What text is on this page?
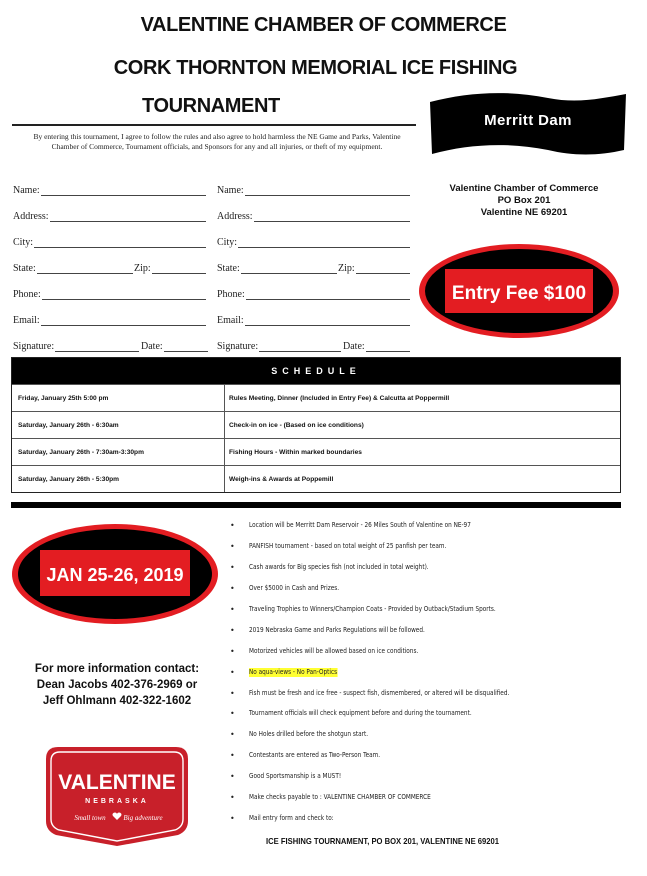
VALENTINE CHAMBER OF COMMERCE
CORK THORNTON MEMORIAL ICE FISHING
TOURNAMENT
Merritt Dam
By entering this tournament, I agree to follow the rules and also agree to hold harmless the NE Game and Parks, Valentine Chamber of Commerce, Tournament officials, and Sponsors for any and all injuries, or theft of my equipment.
Name:
Address:
City:
State:	Zip:
Phone:
Email:
Signature:	Date:
Name:
Address:
City:
State:	Zip:
Phone:
Email:
Signature:	Date:
Valentine Chamber of Commerce
PO Box 201
Valentine NE 69201
Entry Fee $100
SCHEDULE
Friday, January 25th 5:00 pm	Rules Meeting, Dinner (Included in Entry Fee) & Calcutta at Poppermill
Saturday, January 26th - 6:30am	Check-in on ice - (Based on ice conditions)
Saturday, January 26th - 7:30am-3:30pm	Fishing Hours - Within marked boundaries
Saturday, January 26th - 5:30pm	Weigh-ins & Awards at Poppemill
JAN 25-26, 2019
•	Location will be Merritt Dam Reservoir - 26 Miles South of Valentine on NE-97
•	PANFISH tournament - based on total weight of 25 panfish per team.
•	Cash awards for Big species fish (not included in total weight).
•	Over $5000 in Cash and Prizes.
•	Traveling Trophies to Winners/Champion Coats - Provided by Outback/Stadium Sports.
•	2019 Nebraska Game and Parks Regulations will be followed.
•	Motorized vehicles will be allowed based on ice conditions.
•	No aqua-views - No Pan-Optics
•	Fish must be fresh and ice free - suspect fish, dismembered, or altered will be disqualified.
•	Tournament officials will check equipment before and during the tournament.
•	No Holes drilled before the shotgun start.
•	Contestants are entered as Two-Person Team.
•	Good Sportsmanship is a MUST!
•	Make checks payable to : VALENTINE CHAMBER OF COMMERCE
•	Mail entry form and check to:
ICE FISHING TOURNAMENT, PO BOX 201, VALENTINE NE 69201
For more information contact:
Dean Jacobs 402-376-2969 or
Jeff Ohlmann 402-322-1602
VALENTINE
NEBRASKA
Small town	Big adventure
